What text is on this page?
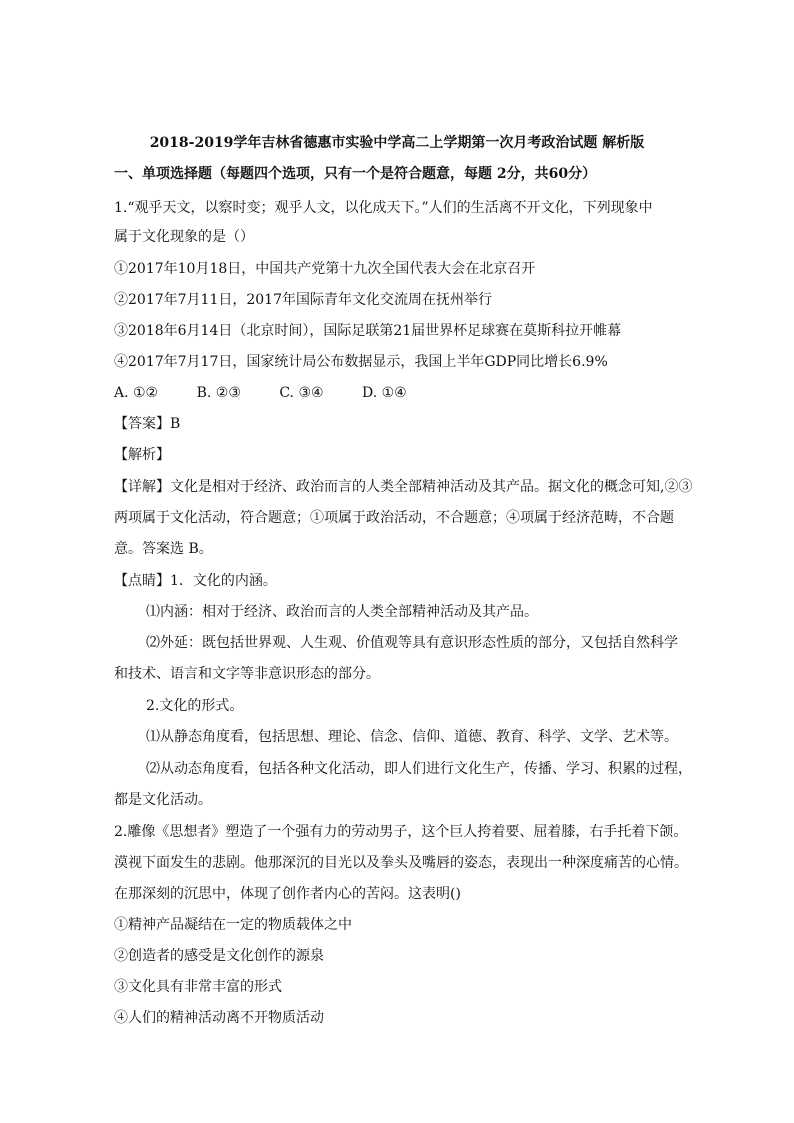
2018-2019学年吉林省德惠市实验中学高二上学期第一次月考政治试题 解析版
一、单项选择题（每题四个选项，只有一个是符合题意，每题 2分，共60分）
1.“观乎天文，以察时变；观乎人文，以化成天下。”人们的生活离不开文化，下列现象中
属于文化现象的是（）
①2017年10月18日，中国共产党第十九次全国代表大会在北京召开
②2017年7月11日，2017年国际青年文化交流周在抚州举行
③2018年6月14日（北京时间），国际足联第21届世界杯足球赛在莫斯科拉开帷幕
④2017年7月17日，国家统计局公布数据显示，我国上半年GDP同比增长6.9%
A. ①②	B. ②③	C. ③④	D. ①④
【答案】B
【解析】
【详解】文化是相对于经济、政治而言的人类全部精神活动及其产品。据文化的概念可知,②③
两项属于文化活动，符合题意；①项属于政治活动，不合题意；④项属于经济范畴，不合题
意。答案选 B。
【点睛】1．文化的内涵。
⑴内涵：相对于经济、政治而言的人类全部精神活动及其产品。
⑵外延：既包括世界观、人生观、价值观等具有意识形态性质的部分，又包括自然科学
和技术、语言和文字等非意识形态的部分。
2.文化的形式。
⑴从静态角度看，包括思想、理论、信念、信仰、道德、教育、科学、文学、艺术等。
⑵从动态角度看，包括各种文化活动，即人们进行文化生产，传播、学习、积累的过程，
都是文化活动。
2.雕像《思想者》塑造了一个强有力的劳动男子，这个巨人挎着要、屈着膝，右手托着下颌。
漠视下面发生的悲剧。他那深沉的目光以及拳头及嘴唇的姿态，表现出一种深度痛苦的心情。
在那深刻的沉思中，体现了创作者内心的苦闷。这表明()
①精神产品凝结在一定的物质载体之中
②创造者的感受是文化创作的源泉
③文化具有非常丰富的形式
④人们的精神活动离不开物质活动
